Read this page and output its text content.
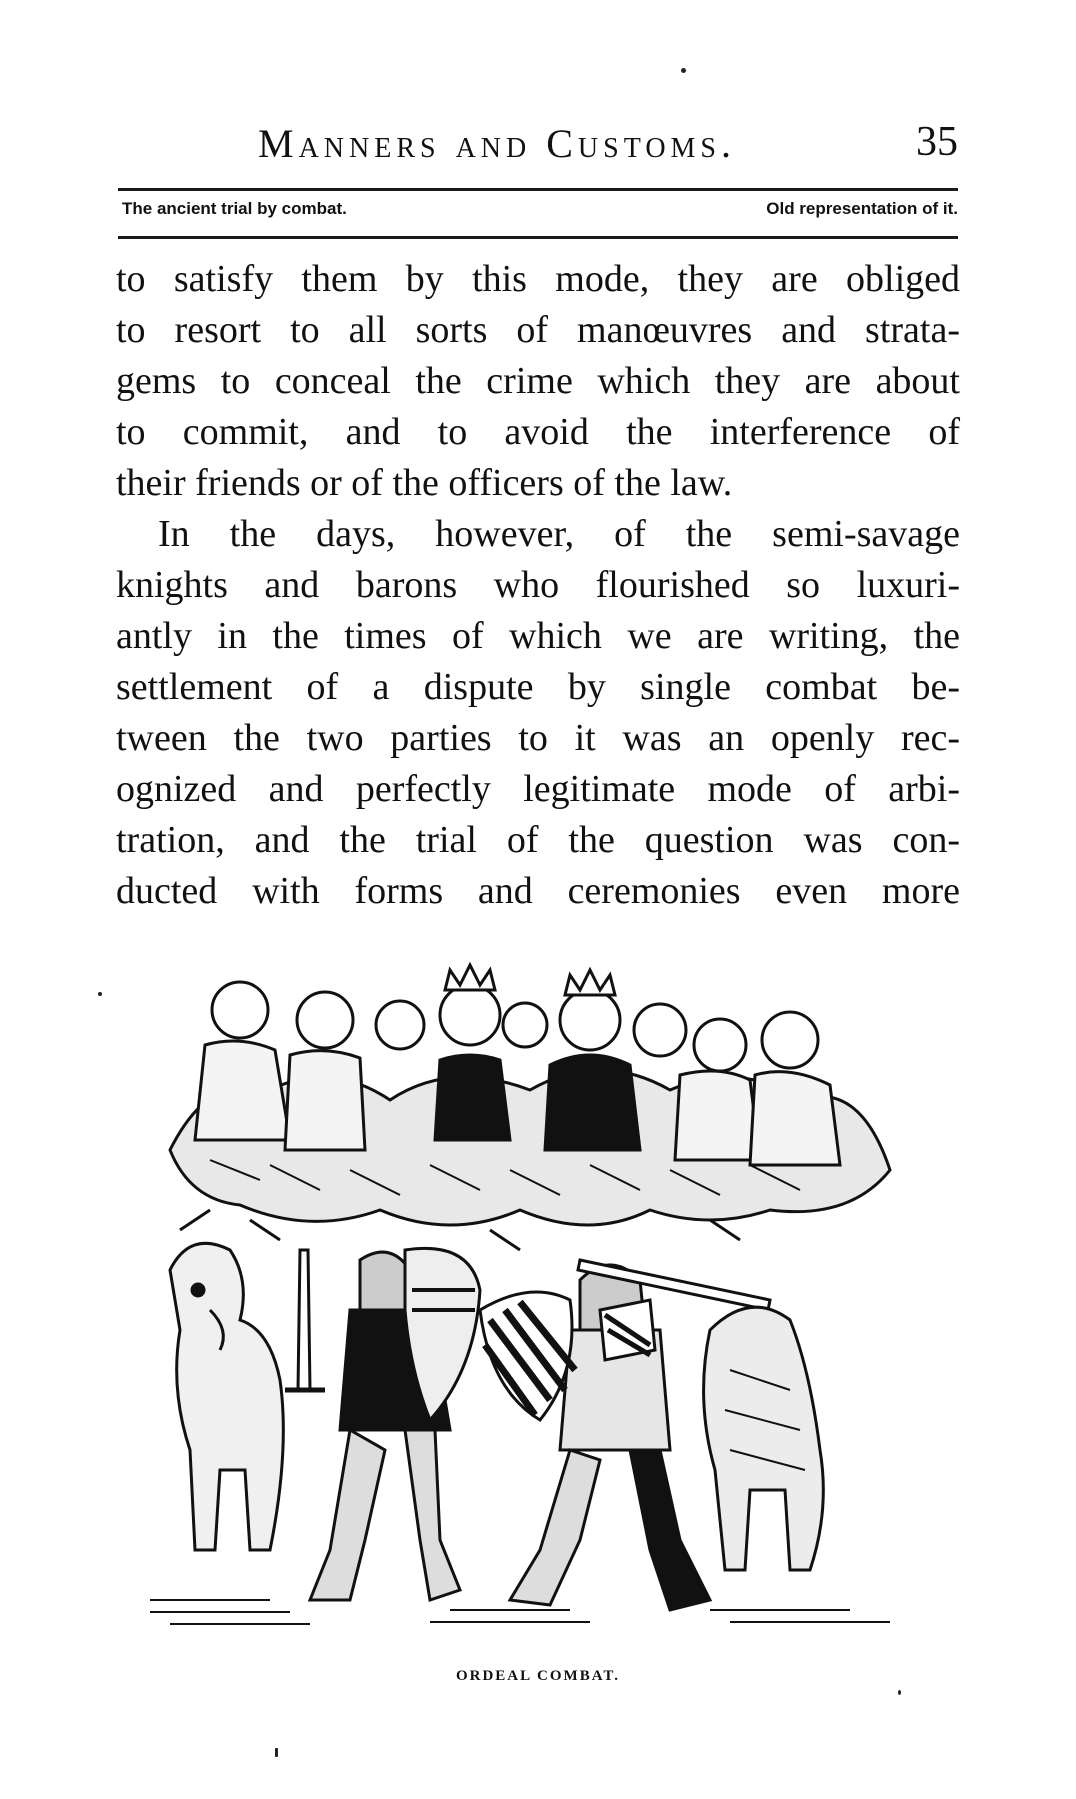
Manners and Customs.	35
The ancient trial by combat.	Old representation of it.
to satisfy them by this mode, they are obliged
to resort to all sorts of manœuvres and strata-
gems to conceal the crime which they are about
to commit, and to avoid the interference of
their friends or of the officers of the law.
In the days, however, of the semi-savage
knights and barons who flourished so luxuri-
antly in the times of which we are writing, the
settlement of a dispute by single combat be-
tween the two parties to it was an openly rec-
ognized and perfectly legitimate mode of arbi-
tration, and the trial of the question was con-
ducted with forms and ceremonies even more
ORDEAL COMBAT.
